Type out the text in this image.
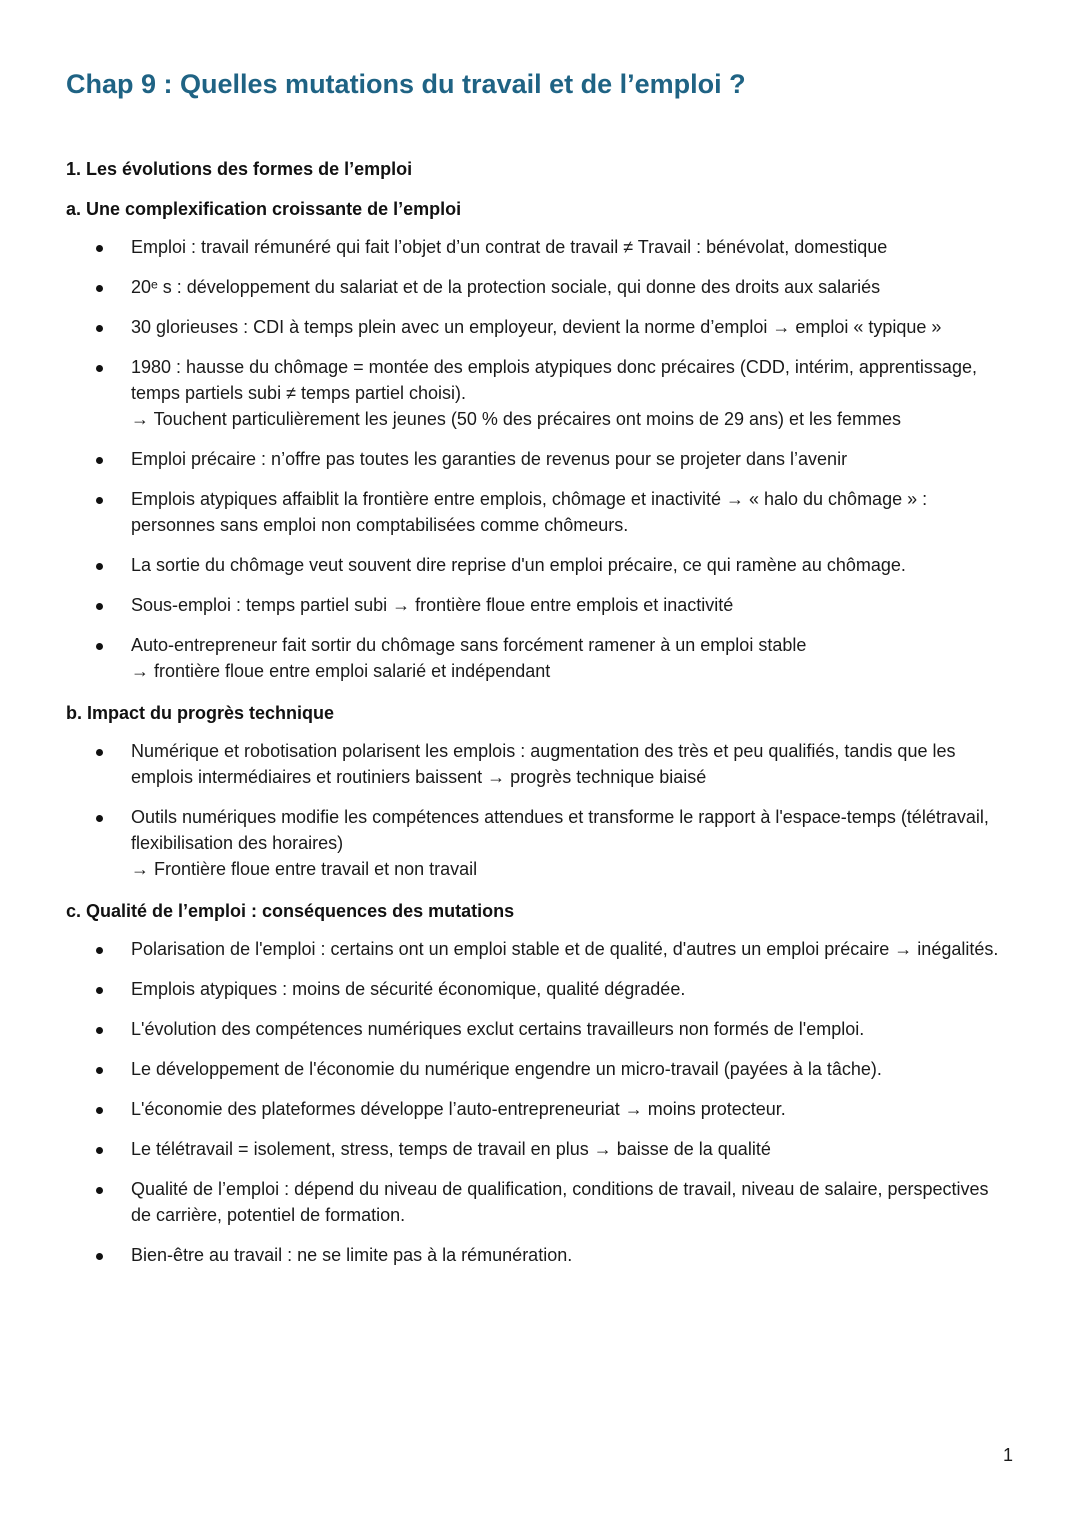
Chap 9 : Quelles mutations du travail et de l’emploi ?
1. Les évolutions des formes de l’emploi
a. Une complexification croissante de l’emploi
Emploi : travail rémunéré qui fait l’objet d’un contrat de travail ≠ Travail : bénévolat, domestique
20ᵉ s : développement du salariat et de la protection sociale, qui donne des droits aux salariés
30 glorieuses : CDI à temps plein avec un employeur, devient la norme d’emploi → emploi « typique »
1980 : hausse du chômage = montée des emplois atypiques donc précaires (CDD, intérim, apprentissage, temps partiels subi ≠ temps partiel choisi).
→ Touchent particulièrement les jeunes (50 % des précaires ont moins de 29 ans) et les femmes
Emploi précaire : n’offre pas toutes les garanties de revenus pour se projeter dans l’avenir
Emplois atypiques affaiblit la frontière entre emplois, chômage et inactivité → « halo du chômage » : personnes sans emploi non comptabilisées comme chômeurs.
La sortie du chômage veut souvent dire reprise d'un emploi précaire, ce qui ramène au chômage.
Sous-emploi : temps partiel subi → frontière floue entre emplois et inactivité
Auto-entrepreneur fait sortir du chômage sans forcément ramener à un emploi stable
→ frontière floue entre emploi salarié et indépendant
b. Impact du progrès technique
Numérique et robotisation polarisent les emplois : augmentation des très et peu qualifiés, tandis que les emplois intermédiaires et routiniers baissent → progrès technique biaisé
Outils numériques modifie les compétences attendues et transforme le rapport à l'espace-temps (télétravail, flexibilisation des horaires)
→ Frontière floue entre travail et non travail
c. Qualité de l’emploi : conséquences des mutations
Polarisation de l'emploi : certains ont un emploi stable et de qualité, d'autres un emploi précaire → inégalités.
Emplois atypiques : moins de sécurité économique, qualité dégradée.
L'évolution des compétences numériques exclut certains travailleurs non formés de l'emploi.
Le développement de l'économie du numérique engendre un micro-travail (payées à la tâche).
L'économie des plateformes développe l’auto-entrepreneuriat → moins protecteur.
Le télétravail = isolement, stress, temps de travail en plus → baisse de la qualité
Qualité de l’emploi : dépend du niveau de qualification, conditions de travail, niveau de salaire, perspectives de carrière, potentiel de formation.
Bien-être au travail : ne se limite pas à la rémunération.
1
